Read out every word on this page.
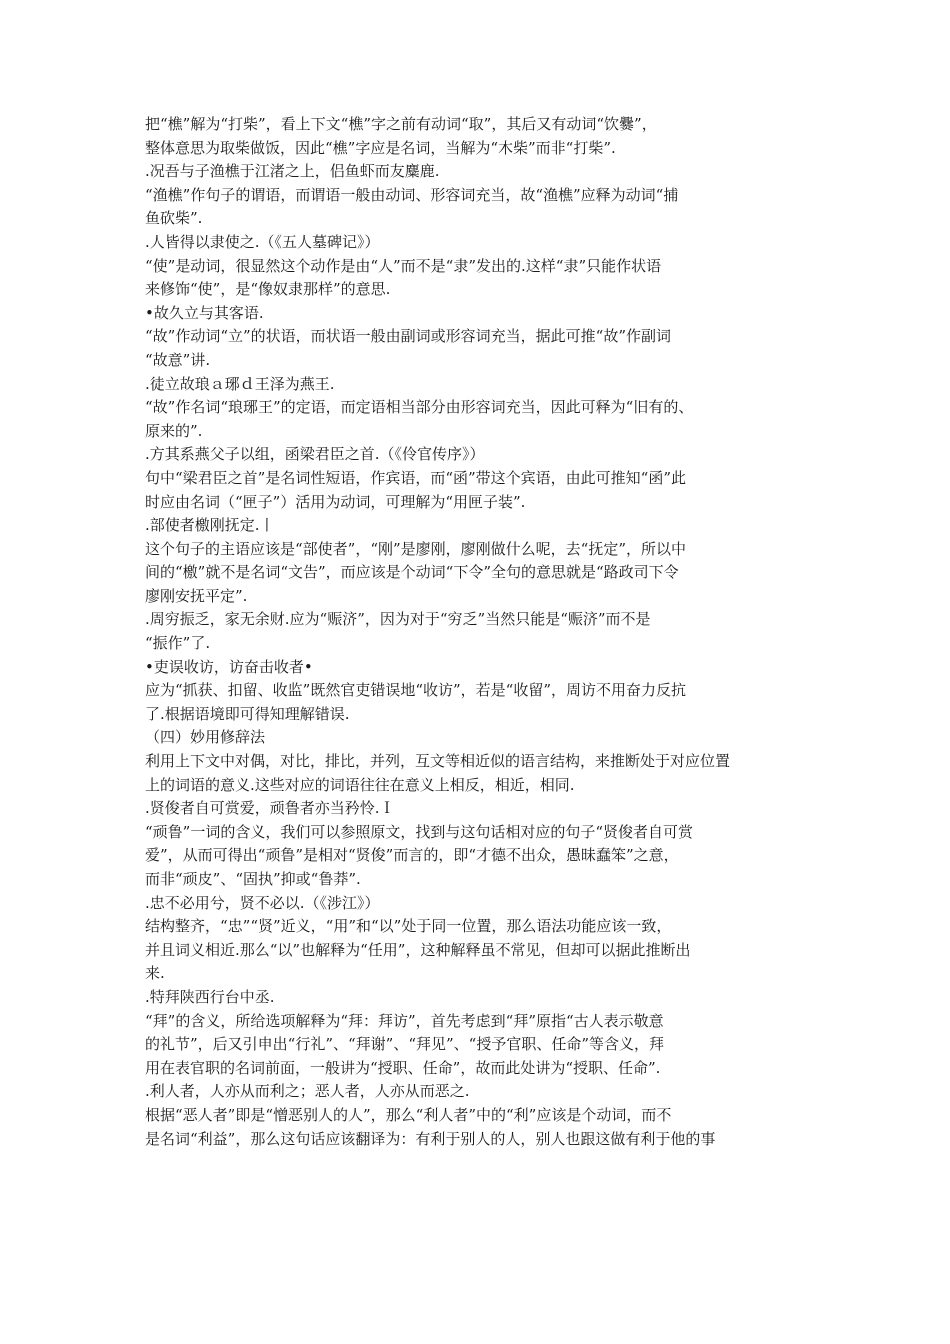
把“樵”解为“打柴”，看上下文“樵”字之前有动词“取”，其后又有动词“饮爨”，
整体意思为取柴做饭，因此“樵”字应是名词，当解为“木柴”而非“打柴”.
.况吾与子渔樵于江渚之上，侣鱼虾而友麋鹿.
“渔樵”作句子的谓语，而谓语一般由动词、形容词充当，故“渔樵”应释为动词“捕
鱼砍柴”.
.人皆得以隶使之.（《五人墓碑记》）
“使”是动词，很显然这个动作是由“人”而不是“隶”发出的.这样“隶”只能作状语
来修饰“使”，是“像奴隶那样”的意思.
•故久立与其客语.
“故”作动词“立”的状语，而状语一般由副词或形容词充当，据此可推“故”作副词
“故意”讲.
.徒立故琅ａ琊ｄ王泽为燕王.
“故”作名词“琅琊王”的定语，而定语相当部分由形容词充当，因此可释为“旧有的、
原来的”.
.方其系燕父子以组，函梁君臣之首.（《伶官传序》）
句中“梁君臣之首”是名词性短语，作宾语，而“函”带这个宾语，由此可推知“函”此
时应由名词（“匣子”）活用为动词，可理解为“用匣子装”.
.部使者檄刚抚定.丨
这个句子的主语应该是“部使者”，“刚”是廖刚，廖刚做什么呢，去“抚定”，所以中
间的“檄”就不是名词“文告”，而应该是个动词“下令”全句的意思就是“路政司下令
廖刚安抚平定”.
.周穷振乏，家无余财.应为“赈济”，因为对于“穷乏”当然只能是“赈济”而不是
“振作”了.
•吏误收访，访奋击收者•
应为“抓获、扣留、收监”既然官吏错误地“收访”，若是“收留”，周访不用奋力反抗
了.根据语境即可得知理解错误.
（四）妙用修辞法
利用上下文中对偶，对比，排比，并列，互文等相近似的语言结构，来推断处于对应位置
上的词语的意义.这些对应的词语往往在意义上相反，相近，相同.
.贤俊者自可赏爱，顽鲁者亦当矜怜.Ｉ
“顽鲁”一词的含义，我们可以参照原文，找到与这句话相对应的句子“贤俊者自可赏
爱”，从而可得出“顽鲁”是相对“贤俊”而言的，即“才德不出众，愚昧蠢笨”之意，
而非“顽皮”、“固执”抑或“鲁莽”.
.忠不必用兮，贤不必以.（《涉江》）
结构整齐，“忠”“贤”近义，“用”和“以”处于同一位置，那么语法功能应该一致，
并且词义相近.那么“以”也解释为“任用”，这种解释虽不常见，但却可以据此推断出
来.
.特拜陕西行台中丞.
“拜”的含义，所给选项解释为“拜：拜访”，首先考虑到“拜”原指“古人表示敬意
的礼节”，后又引申出“行礼”、“拜谢”、“拜见”、“授予官职、任命”等含义，拜
用在表官职的名词前面，一般讲为“授职、任命”，故而此处讲为“授职、任命”.
.利人者，人亦从而利之；恶人者，人亦从而恶之.
根据“恶人者”即是“憎恶别人的人”，那么“利人者”中的“利”应该是个动词，而不
是名词“利益”，那么这句话应该翻译为：有利于别人的人，别人也跟这做有利于他的事
